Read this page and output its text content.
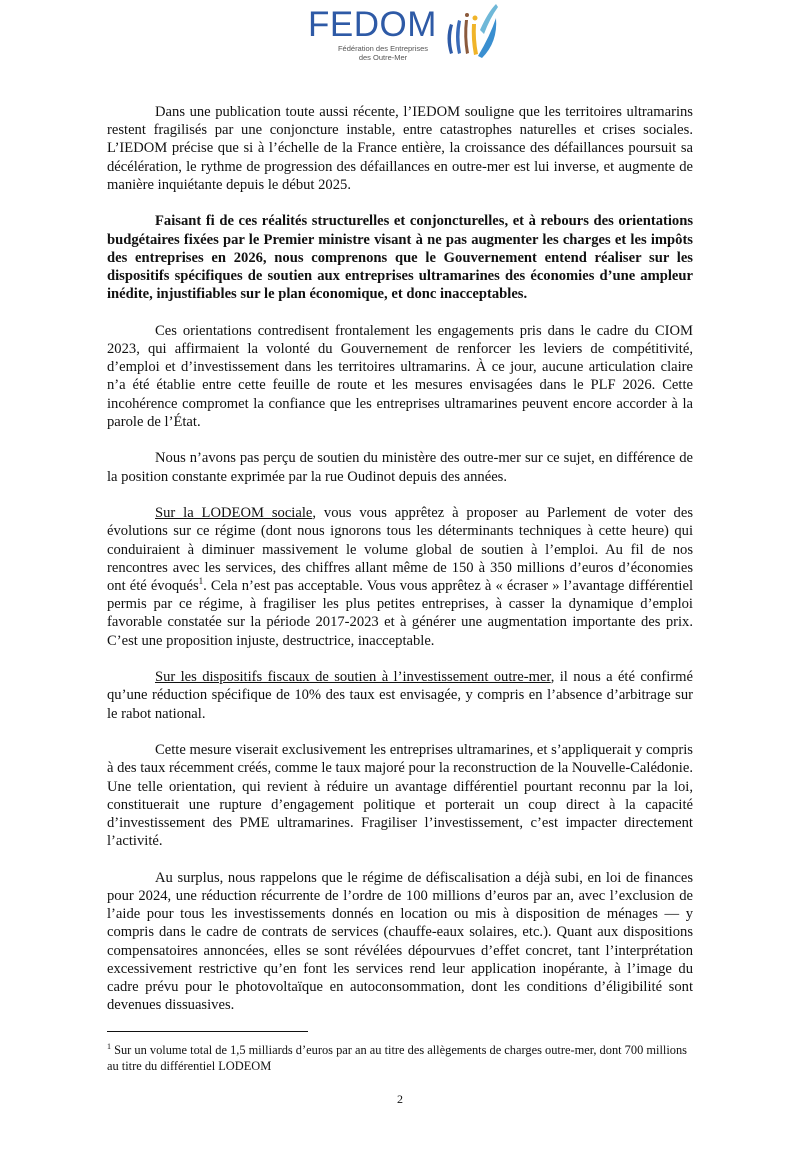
FEDOM
Fédération des Entreprises
des Outre-Mer

Dans une publication toute aussi récente, l’IEDOM souligne que les territoires ultramarins restent fragilisés par une conjoncture instable, entre catastrophes naturelles et crises sociales. L’IEDOM précise que si à l’échelle de la France entière, la croissance des défaillances poursuit sa décélération, le rythme de progression des défaillances en outre-mer est lui inverse, et augmente de manière inquiétante depuis le début 2025.

Faisant fi de ces réalités structurelles et conjoncturelles, et à rebours des orientations budgétaires fixées par le Premier ministre visant à ne pas augmenter les charges et les impôts des entreprises en 2026, nous comprenons que le Gouvernement entend réaliser sur les dispositifs spécifiques de soutien aux entreprises ultramarines des économies d’une ampleur inédite, injustifiables sur le plan économique, et donc inacceptables.

Ces orientations contredisent frontalement les engagements pris dans le cadre du CIOM 2023, qui affirmaient la volonté du Gouvernement de renforcer les leviers de compétitivité, d’emploi et d’investissement dans les territoires ultramarins. À ce jour, aucune articulation claire n’a été établie entre cette feuille de route et les mesures envisagées dans le PLF 2026. Cette incohérence compromet la confiance que les entreprises ultramarines peuvent encore accorder à la parole de l’État.

Nous n’avons pas perçu de soutien du ministère des outre-mer sur ce sujet, en différence de la position constante exprimée par la rue Oudinot depuis des années.

Sur la LODEOM sociale, vous vous apprêtez à proposer au Parlement de voter des évolutions sur ce régime (dont nous ignorons tous les déterminants techniques à cette heure) qui conduiraient à diminuer massivement le volume global de soutien à l’emploi. Au fil de nos rencontres avec les services, des chiffres allant même de 150 à 350 millions d’euros d’économies ont été évoqués$^1$. Cela n’est pas acceptable. Vous vous apprêtez à « écraser » l’avantage différentiel permis par ce régime, à fragiliser les plus petites entreprises, à casser la dynamique d’emploi favorable constatée sur la période 2017-2023 et à générer une augmentation importante des prix. C’est une proposition injuste, destructrice, inacceptable.

Sur les dispositifs fiscaux de soutien à l’investissement outre-mer, il nous a été confirmé qu’une réduction spécifique de 10% des taux est envisagée, y compris en l’absence d’arbitrage sur le rabot national.

Cette mesure viserait exclusivement les entreprises ultramarines, et s’appliquerait y compris à des taux récemment créés, comme le taux majoré pour la reconstruction de la Nouvelle-Calédonie. Une telle orientation, qui revient à réduire un avantage différentiel pourtant reconnu par la loi, constituerait une rupture d’engagement politique et porterait un coup direct à la capacité d’investissement des PME ultramarines. Fragiliser l’investissement, c’est impacter directement l’activité.

Au surplus, nous rappelons que le régime de défiscalisation a déjà subi, en loi de finances pour 2024, une réduction récurrente de l’ordre de 100 millions d’euros par an, avec l’exclusion de l’aide pour tous les investissements donnés en location ou mis à disposition de ménages — y compris dans le cadre de contrats de services (chauffe-eaux solaires, etc.). Quant aux dispositions compensatoires annoncées, elles se sont révélées dépourvues d’effet concret, tant l’interprétation excessivement restrictive qu’en font les services rend leur application inopérante, à l’image du cadre prévu pour le photovoltaïque en autoconsommation, dont les conditions d’éligibilité sont devenues dissuasives.

$^1$ Sur un volume total de 1,5 milliards d’euros par an au titre des allègements de charges outre-mer, dont 700 millions au titre du différentiel LODEOM
2
